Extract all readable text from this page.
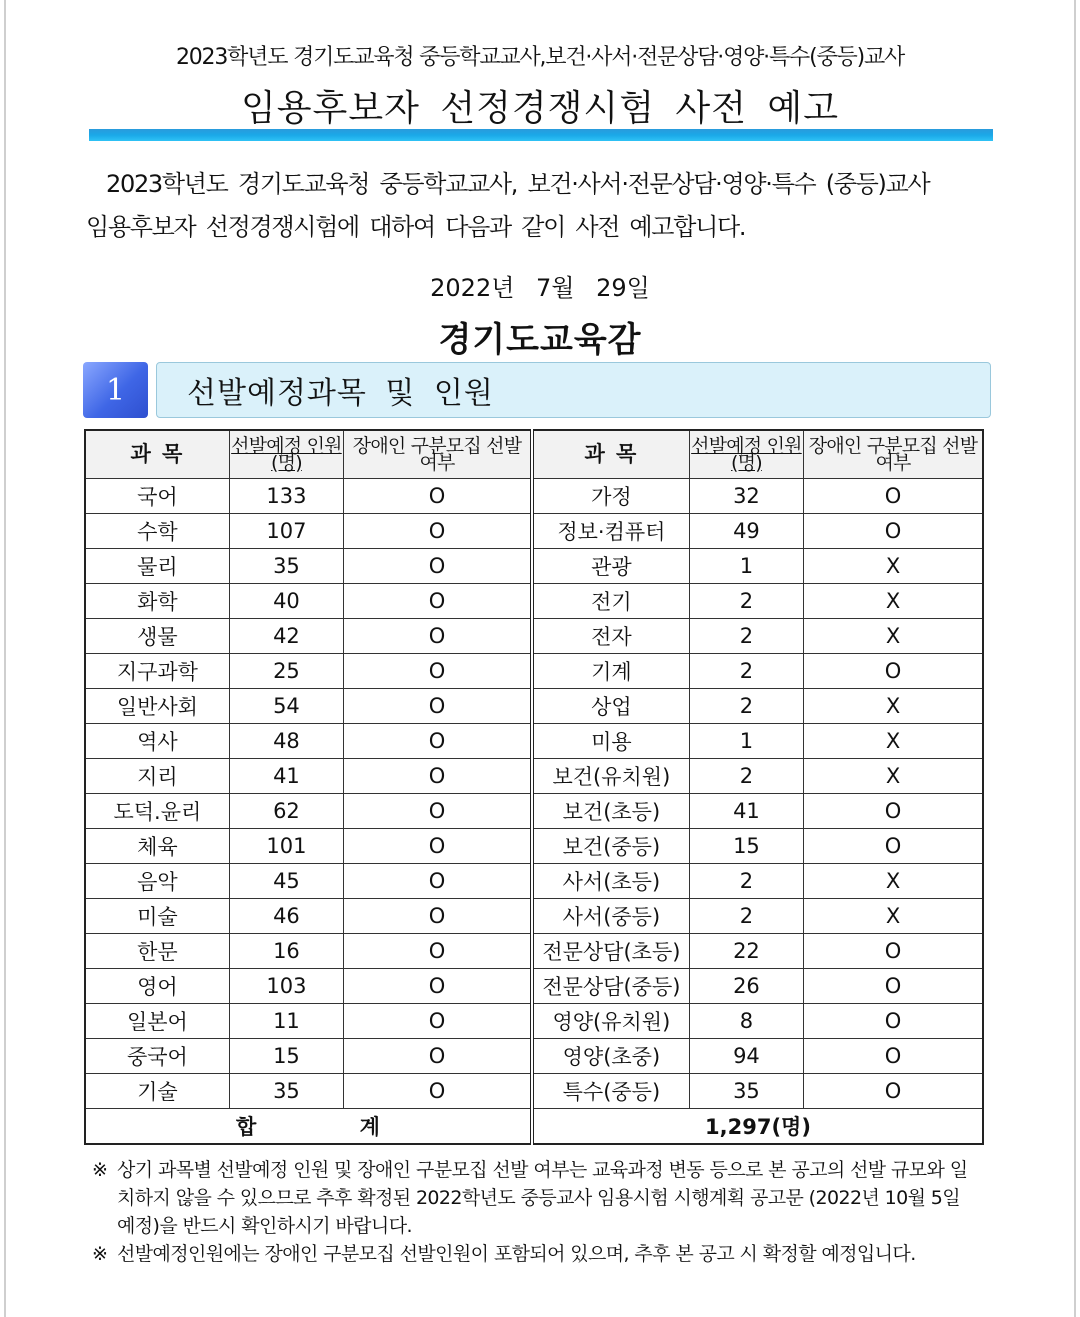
2023학년도 경기도교육청 중등학교교사,보건·사서·전문상담·영양·특수(중등)교사
임용후보자 선정경쟁시험 사전 예고
2023학년도 경기도교육청 중등학교교사, 보건·사서·전문상담·영양·특수 (중등)교사
임용후보자 선정경쟁시험에 대하여 다음과 같이 사전 예고합니다.
2022년 7월 29일
경기도교육감
1	선발예정과목 및 인원
과 목	선발예정 인원(명)	장애인 구분모집 선발 여부	과 목	선발예정 인원(명)	장애인 구분모집 선발 여부
국어	133	O	가정	32	O
수학	107	O	정보·컴퓨터	49	O
물리	35	O	관광	1	X
화학	40	O	전기	2	X
생물	42	O	전자	2	X
지구과학	25	O	기계	2	O
일반사회	54	O	상업	2	X
역사	48	O	미용	1	X
지리	41	O	보건(유치원)	2	X
도덕.윤리	62	O	보건(초등)	41	O
체육	101	O	보건(중등)	15	O
음악	45	O	사서(초등)	2	X
미술	46	O	사서(중등)	2	X
한문	16	O	전문상담(초등)	22	O
영어	103	O	전문상담(중등)	26	O
일본어	11	O	영양(유치원)	8	O
중국어	15	O	영양(초중)	94	O
기술	35	O	특수(중등)	35	O
합 계			1,297(명)		
※ 상기 과목별 선발예정 인원 및 장애인 구분모집 선발 여부는 교육과정 변동 등으로 본 공고의 선발 규모와 일치하지 않을 수 있으므로 추후 확정된 2022학년도 중등교사 임용시험 시행계획 공고문 (2022년 10월 5일 예정)을 반드시 확인하시기 바랍니다.
※ 선발예정인원에는 장애인 구분모집 선발인원이 포함되어 있으며, 추후 본 공고 시 확정할 예정입니다.
